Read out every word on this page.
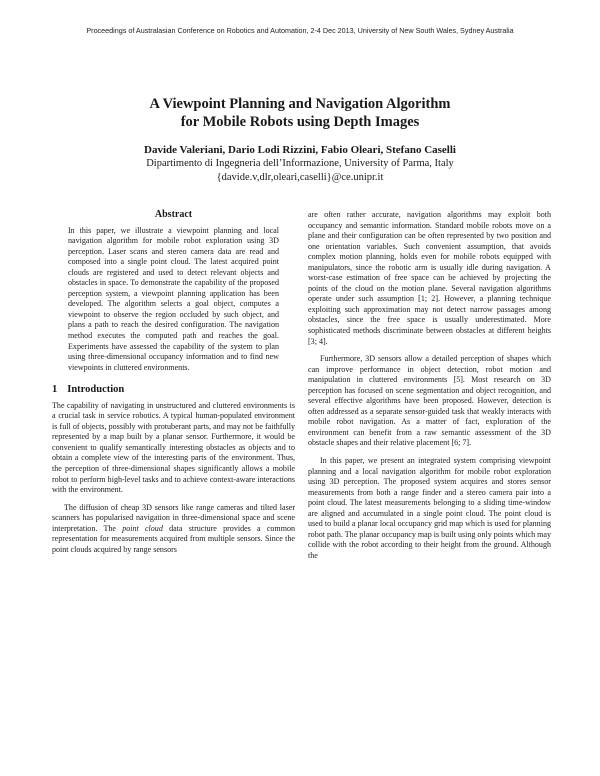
Proceedings of Australasian Conference on Robotics and Automation, 2-4 Dec 2013, University of New South Wales, Sydney Australia
A Viewpoint Planning and Navigation Algorithm
for Mobile Robots using Depth Images
Davide Valeriani, Dario Lodi Rizzini, Fabio Oleari, Stefano Caselli
Dipartimento di Ingegneria dell’Informazione, University of Parma, Italy
{davide.v,dlr,oleari,caselli}@ce.unipr.it
Abstract

In this paper, we illustrate a viewpoint planning and local navigation algorithm for mobile robot exploration using 3D perception. Laser scans and stereo camera data are read and composed into a single point cloud. The latest acquired point clouds are registered and used to detect relevant objects and obstacles in space. To demonstrate the capability of the proposed perception system, a viewpoint planning application has been developed. The algorithm selects a goal object, computes a viewpoint to observe the region occluded by such object, and plans a path to reach the desired configuration. The navigation method executes the computed path and reaches the goal. Experiments have assessed the capability of the system to plan using three-dimensional occupancy information and to find new viewpoints in cluttered environments.

1 Introduction

The capability of navigating in unstructured and cluttered environments is a crucial task in service robotics. A typical human-populated environment is full of objects, possibly with protuberant parts, and may not be faithfully represented by a map built by a planar sensor. Furthermore, it would be convenient to qualify semantically interesting obstacles as objects and to obtain a complete view of the interesting parts of the environment. Thus, the perception of three-dimensional shapes significantly allows a mobile robot to perform high-level tasks and to achieve context-aware interactions with the environment.

The diffusion of cheap 3D sensors like range cameras and tilted laser scanners has popularised navigation in three-dimensional space and scene interpretation. The point cloud data structure provides a common representation for measurements acquired from multiple sensors. Since the point clouds acquired by range sensors

are often rather accurate, navigation algorithms may exploit both occupancy and semantic information. Standard mobile robots move on a plane and their configuration can be often represented by two position and one orientation variables. Such convenient assumption, that avoids complex motion planning, holds even for mobile robots equipped with manipulators, since the robotic arm is usually idle during navigation. A worst-case estimation of free space can be achieved by projecting the points of the cloud on the motion plane. Several navigation algorithms operate under such assumption [1; 2]. However, a planning technique exploiting such approximation may not detect narrow passages among obstacles, since the free space is usually underestimated. More sophisticated methods discriminate between obstacles at different heights [3; 4].

Furthermore, 3D sensors allow a detailed perception of shapes which can improve performance in object detection, robot motion and manipulation in cluttered environments [5]. Most research on 3D perception has focused on scene segmentation and object recognition, and several effective algorithms have been proposed. However, detection is often addressed as a separate sensor-guided task that weakly interacts with mobile robot navigation. As a matter of fact, exploration of the environment can benefit from a raw semantic assessment of the 3D obstacle shapes and their relative placement [6; 7].

In this paper, we present an integrated system comprising viewpoint planning and a local navigation algorithm for mobile robot exploration using 3D perception. The proposed system acquires and stores sensor measurements from both a range finder and a stereo camera pair into a point cloud. The latest measurements belonging to a sliding time-window are aligned and accumulated in a single point cloud. The point cloud is used to build a planar local occupancy grid map which is used for planning robot path. The planar occupancy map is built using only points which may collide with the robot according to their height from the ground. Although the
